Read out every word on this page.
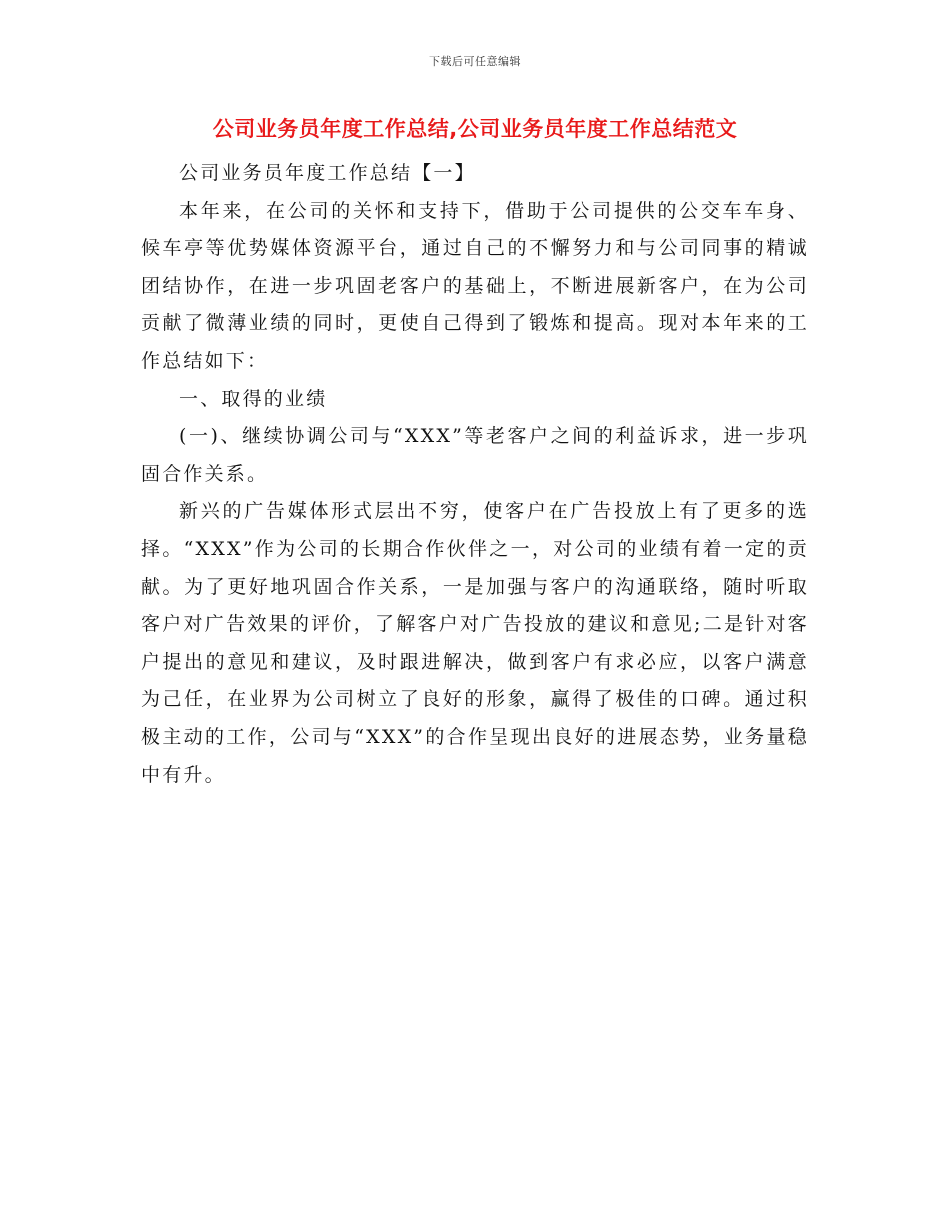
下载后可任意编辑
公司业务员年度工作总结,公司业务员年度工作总结范文

公司业务员年度工作总结【一】

本年来，在公司的关怀和支持下，借助于公司提供的公交车车身、候车亭等优势媒体资源平台，通过自己的不懈努力和与公司同事的精诚团结协作，在进一步巩固老客户的基础上，不断进展新客户，在为公司贡献了微薄业绩的同时，更使自己得到了锻炼和提高。现对本年来的工作总结如下：

一、取得的业绩

(一)、继续协调公司与“XXX”等老客户之间的利益诉求，进一步巩固合作关系。

新兴的广告媒体形式层出不穷，使客户在广告投放上有了更多的选择。“XXX”作为公司的长期合作伙伴之一，对公司的业绩有着一定的贡献。为了更好地巩固合作关系，一是加强与客户的沟通联络，随时听取客户对广告效果的评价，了解客户对广告投放的建议和意见;二是针对客户提出的意见和建议，及时跟进解决，做到客户有求必应，以客户满意为己任，在业界为公司树立了良好的形象，赢得了极佳的口碑。通过积极主动的工作，公司与“XXX”的合作呈现出良好的进展态势，业务量稳中有升。
